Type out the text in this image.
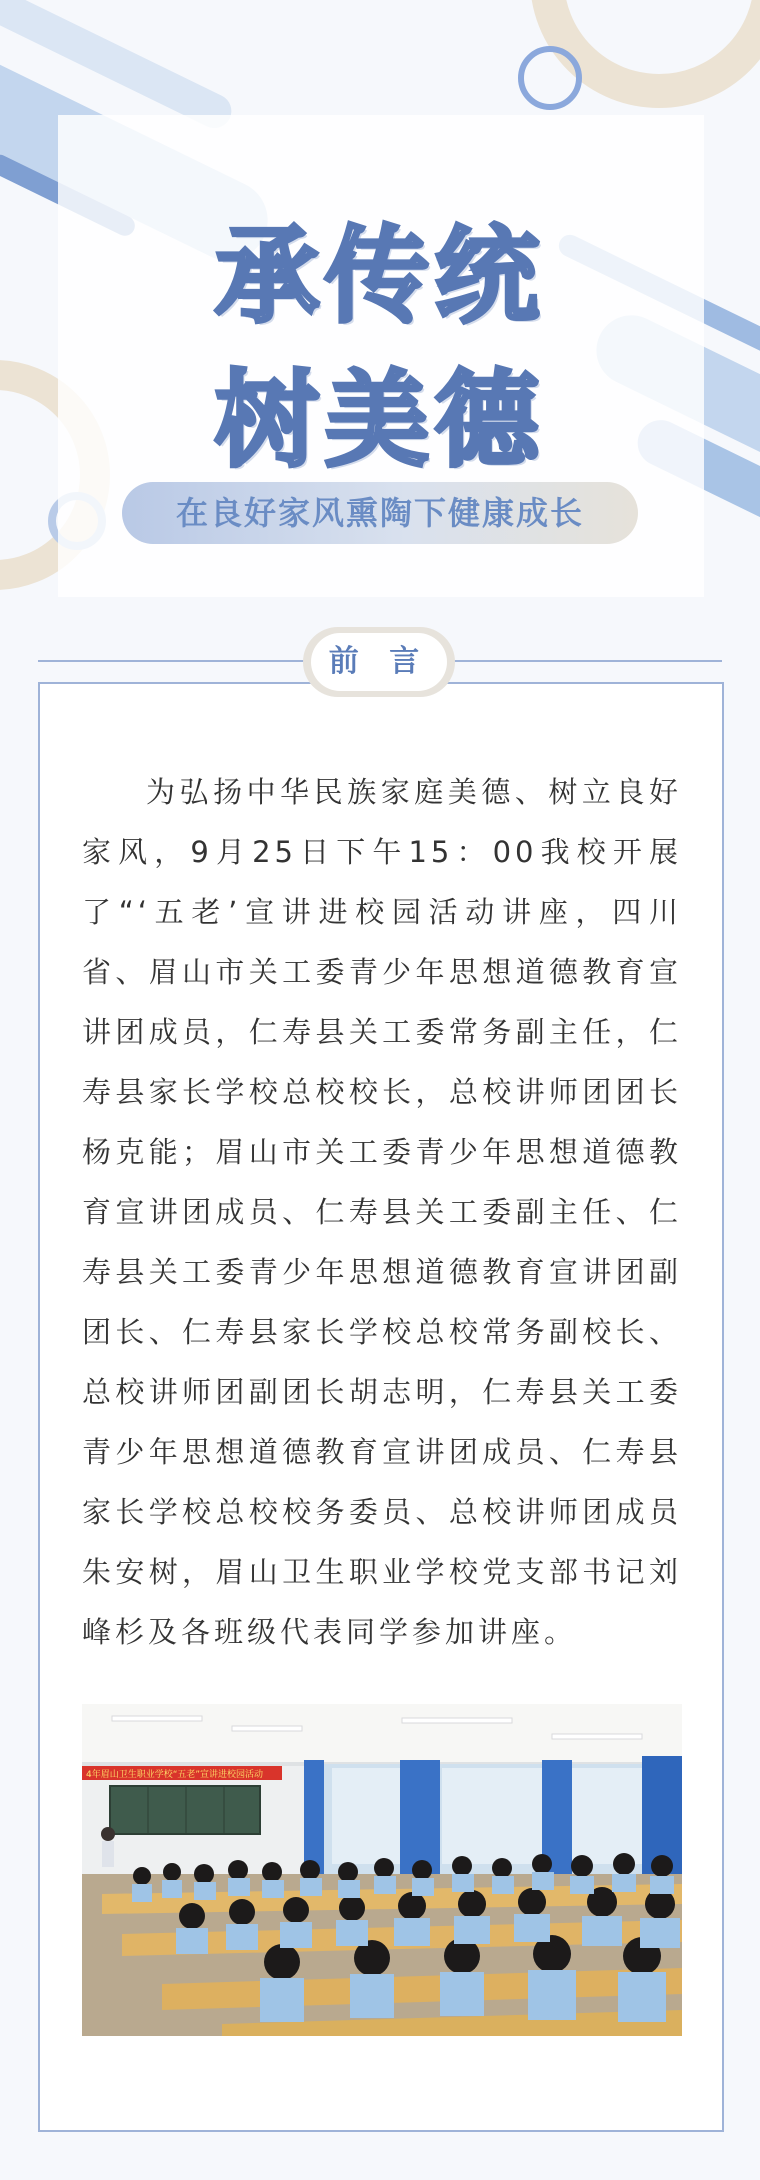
承传统
树美德
在良好家风熏陶下健康成长

为弘扬中华民族家庭美德、树立良好家风，9月25日下午15：00我校开展了“‘五老’宣讲进校园活动讲座，四川省、眉山市关工委青少年思想道德教育宣讲团成员，仁寿县关工委常务副主任，仁寿县家长学校总校校长，总校讲师团团长杨克能；眉山市关工委青少年思想道德教育宣讲团成员、仁寿县关工委副主任、仁寿县关工委青少年思想道德教育宣讲团副团长、仁寿县家长学校总校常务副校长、总校讲师团副团长胡志明，仁寿县关工委青少年思想道德教育宣讲团成员、仁寿县家长学校总校校务委员、总校讲师团成员朱安树，眉山卫生职业学校党支部书记刘峰杉及各班级代表同学参加讲座。

4年眉山卫生职业学校“五老”宣讲进校园活动
前 言
